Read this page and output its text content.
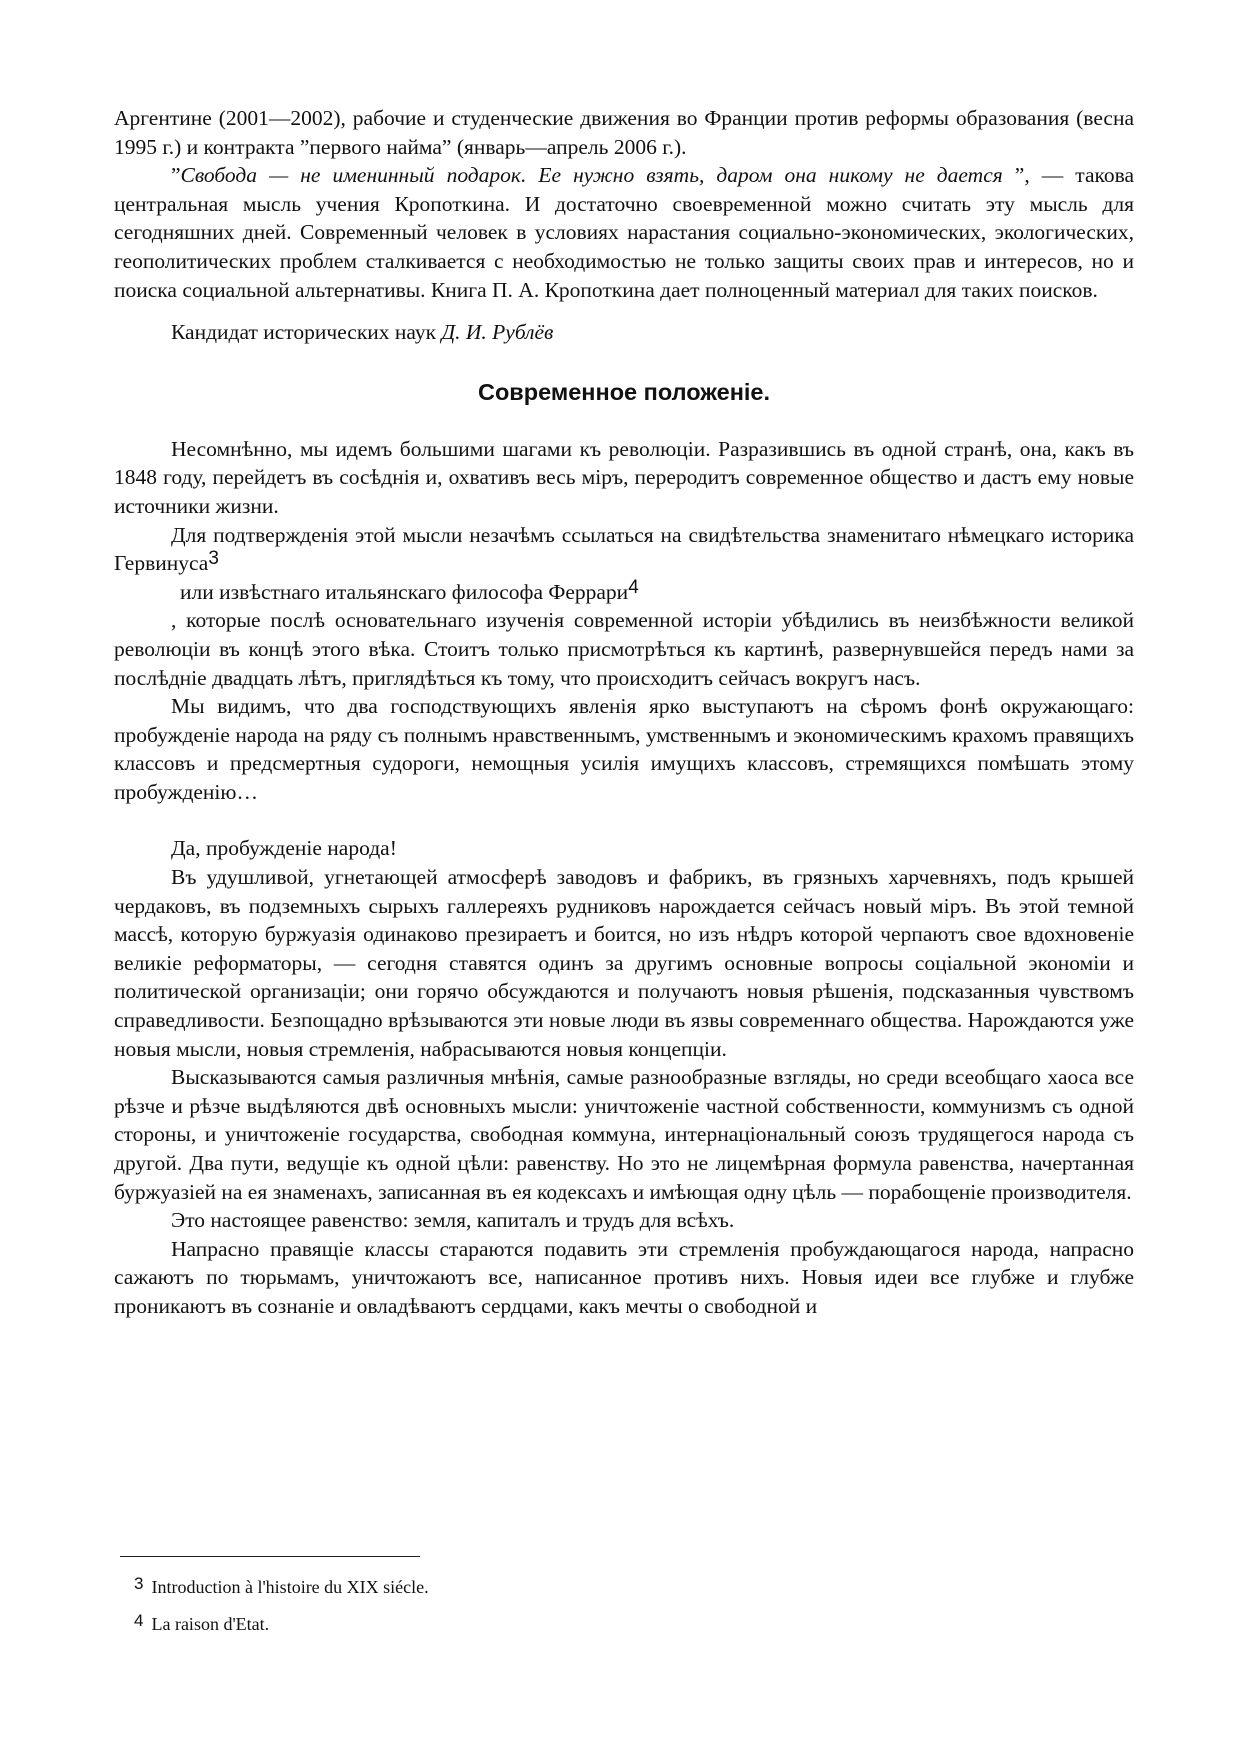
Аргентине (2001—2002), рабочие и студенческие движения во Франции против реформы образования (весна 1995 г.) и контракта ”первого найма” (январь—апрель 2006 г.).

”Свобода — не именинный подарок. Ее нужно взять, даром она никому не дается ”, — такова центральная мысль учения Кропоткина. И достаточно своевременной можно считать эту мысль для сегодняшних дней. Современный человек в условиях нарастания социально-экономических, экологических, геополитических проблем сталкивается с необходимостью не только защиты своих прав и интересов, но и поиска социальной альтернативы. Книга П. А. Кропоткина дает полноценный материал для таких поисков.

Кандидат исторических наук Д. И. Рублёв

Современное положенiе.

Несомнѣнно, мы идемъ большими шагами къ революцiи. Разразившись въ одной странѣ, она, какъ въ 1848 году, перейдетъ въ сосѣднiя и, охвативъ весь мiръ, переродитъ современное общество и дастъ ему новые источники жизни.

Для подтвержденiя этой мысли незачѣмъ ссылаться на свидѣтельства знаменитаго нѣмецкаго историка Гервинуса3

или извѣстнаго итальянскаго философа Феррари4

, которые послѣ основательнаго изученiя современной исторiи убѣдились въ неизбѣжности великой революцiи въ концѣ этого вѣка. Стоитъ только присмотрѣться къ картинѣ, развернувшейся передъ нами за послѣднiе двадцать лѣтъ, приглядѣться къ тому, что происходитъ сейчасъ вокругъ насъ.

Мы видимъ, что два господствующихъ явленiя ярко выступаютъ на сѣромъ фонѣ окружающаго: пробужденiе народа на ряду съ полнымъ нравственнымъ, умственнымъ и экономическимъ крахомъ правящихъ классовъ и предсмертныя судороги, немощныя усилiя имущихъ классовъ, стремящихся помѣшать этому пробужденiю…

Да, пробужденiе народа!

Въ удушливой, угнетающей атмосферѣ заводовъ и фабрикъ, въ грязныхъ харчевняхъ, подъ крышей чердаковъ, въ подземныхъ сырыхъ галлереяхъ рудниковъ нарождается сейчасъ новый мiръ. Въ этой темной массѣ, которую буржуазiя одинаково презираетъ и боится, но изъ нѣдръ которой черпаютъ свое вдохновенiе великiе реформаторы, — сегодня ставятся одинъ за другимъ основные вопросы соцiальной экономiи и политической организацiи; они горячо обсуждаются и получаютъ новыя рѣшенiя, подсказанныя чувствомъ справедливости. Безпощадно врѣзываются эти новые люди въ язвы современнаго общества. Нарождаются уже новыя мысли, новыя стремленiя, набрасываются новыя концепцiи.

Высказываются самыя различныя мнѣнiя, самые разнообразные взгляды, но среди всеобщаго хаоса все рѣзче и рѣзче выдѣляются двѣ основныхъ мысли: уничтоженiе частной собственности, коммунизмъ съ одной стороны, и уничтоженiе государства, свободная коммуна, интернацiональный союзъ трудящегося народа съ другой. Два пути, ведущiе къ одной цѣли: равенству. Но это не лицемѣрная формула равенства, начертанная буржуазiей на ея знаменахъ, записанная въ ея кодексахъ и имѣющая одну цѣль — порабощенiе производителя.

Это настоящее равенство: земля, капиталъ и трудъ для всѣхъ.

Напрасно правящiе классы стараются подавить эти стремленiя пробуждающагося народа, напрасно сажаютъ по тюрьмамъ, уничтожаютъ все, написанное противъ нихъ. Новыя идеи все глубже и глубже проникаютъ въ сознанiе и овладѣваютъ сердцами, какъ мечты о свободной и

3 Introduction à l'histoire du XIX siécle.
4 La raison d'Etat.
